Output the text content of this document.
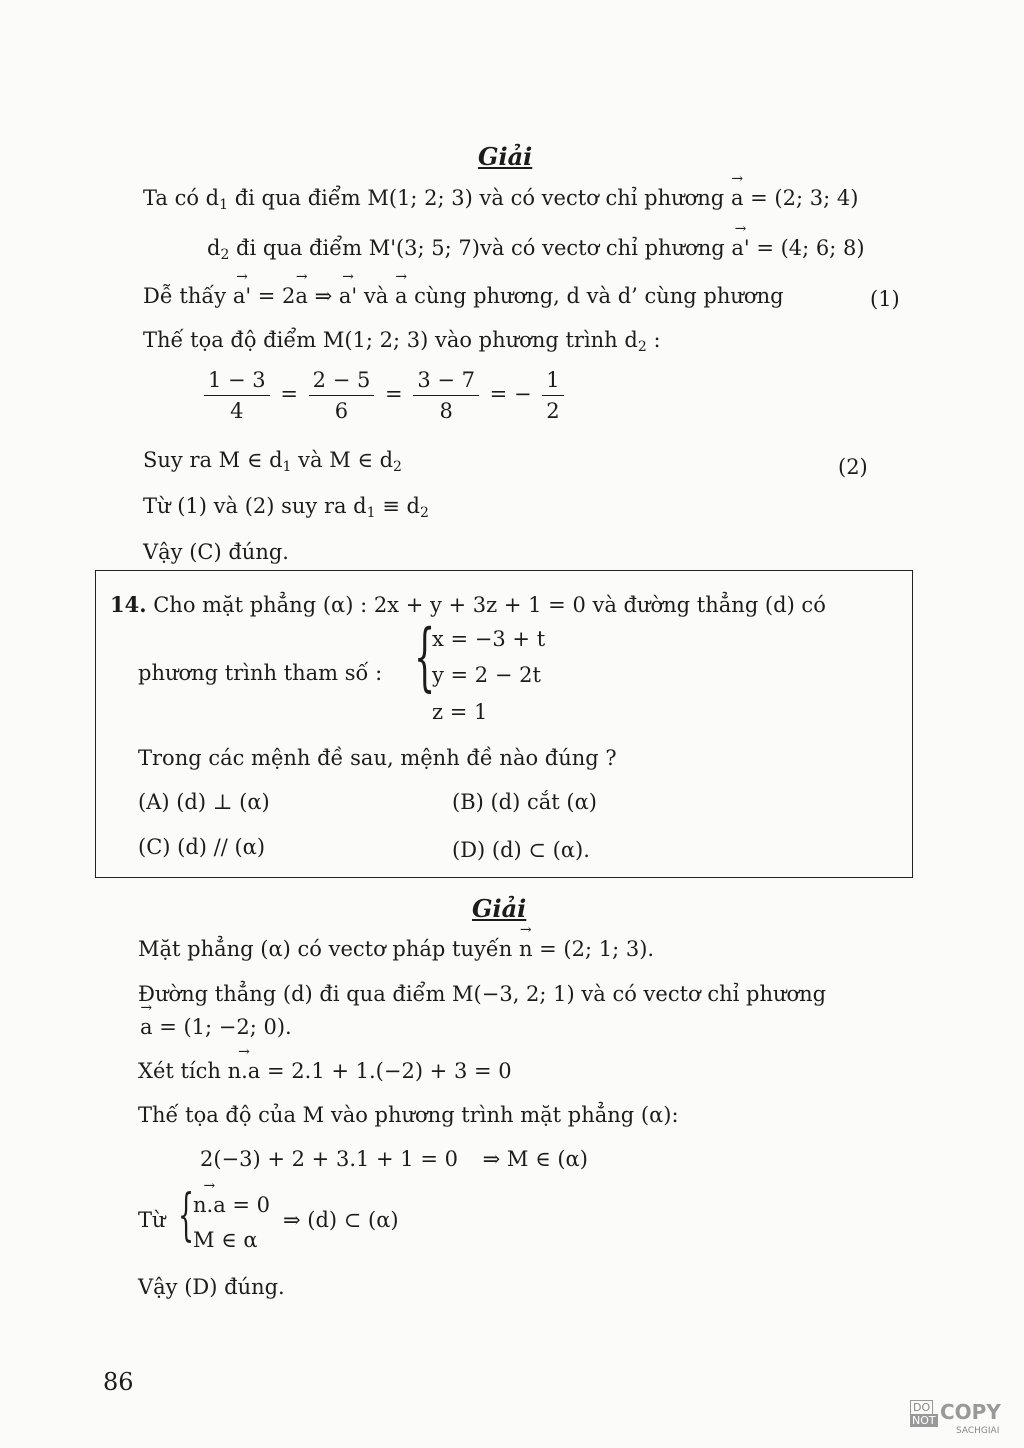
Giải
Ta có $d_1$ đi qua điểm M(1; 2; 3) và có vectơ chỉ phương → a = (2; 3; 4)
$d_2$ đi qua điểm M'(3; 5; 7)và có vectơ chỉ phương → a' = (4; 6; 8)
Dễ thấy → a' = 2→ a ⇒ → a' và → a cùng phương, d và d’ cùng phương	(1)
Thế tọa độ điểm M(1; 2; 3) vào phương trình $d_2$ :
$\frac{1 - 3}{4} = \frac{2 - 5}{6} = \frac{3 - 7}{8}$ = − $\frac{1}{2}$
Suy ra M ∈ $d_1$ và M ∈ $d_2$	(2)
Từ (1) và (2) suy ra $d_1 \equiv d_2$
Vậy (C) đúng.
14. Cho mặt phẳng (α) : 2x + y + 3z + 1 = 0 và đường thẳng (d) có
phương trình tham số : {
x = −3 + t
y = 2 − 2t
z = 1
Trong các mệnh đề sau, mệnh đề nào đúng ?
(A) (d) ⊥ (α)	(B) (d) cắt (α)
(C) (d) // (α)	(D) (d) ⊂ (α).
Giải
Mặt phẳng (α) có vectơ pháp tuyến → n = (2; 1; 3).
Đường thẳng (d) đi qua điểm M(−3, 2; 1) và có vectơ chỉ phương
→ a = (1; −2; 0).
Xét tích → n.a = 2.1 + 1.(−2) + 3 = 0
Thế tọa độ của M vào phương trình mặt phẳng (α):
2(−3) + 2 + 3.1 + 1 = 0 ⇒ M ∈ (α)
Từ {
→ n.a = 0
M ∈ α
⇒ (d) ⊂ (α)
Vậy (D) đúng.
86
DO
NOT COPY
SACHGIAI
